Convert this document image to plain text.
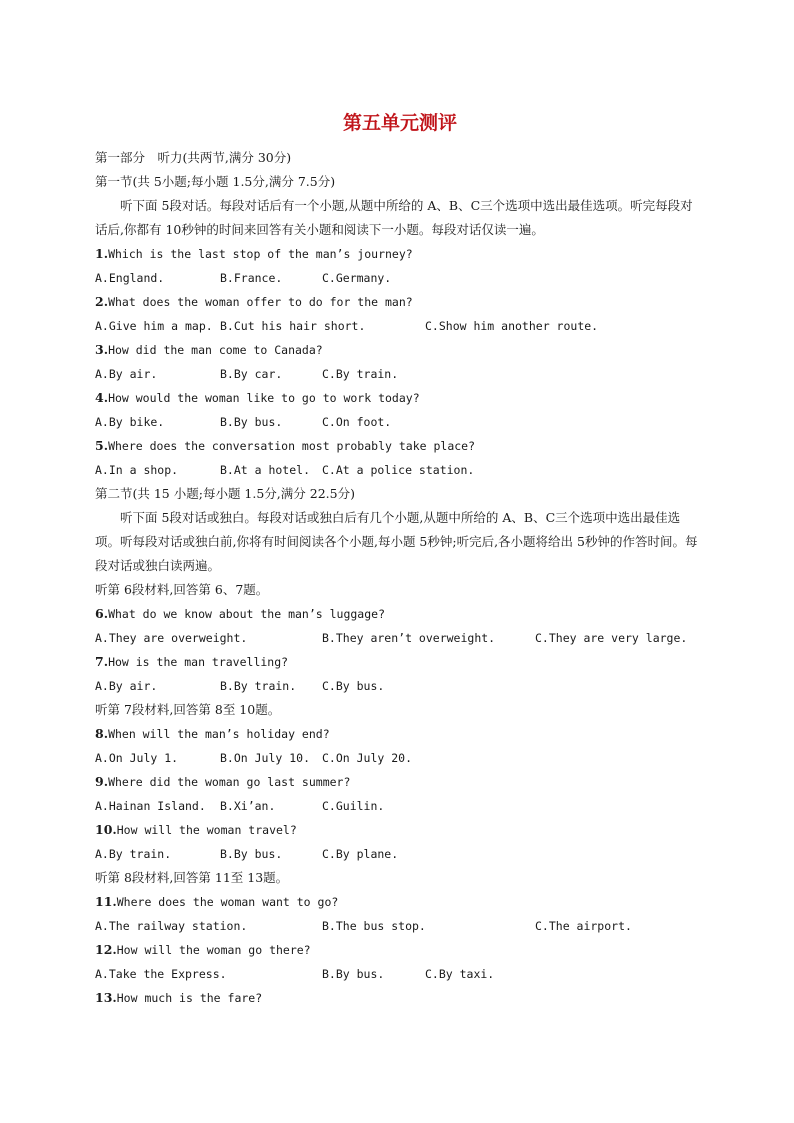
第五单元测评
第一部分　听力(共两节,满分 30分)
第一节(共 5小题;每小题 1.5分,满分 7.5分)
听下面 5段对话。每段对话后有一个小题,从题中所给的 A、B、C三个选项中选出最佳选项。听完每段对话后,你都有 10秒钟的时间来回答有关小题和阅读下一小题。每段对话仅读一遍。
1.Which is the last stop of the man’s journey?
A.England.	B.France.	C.Germany.
2.What does the woman offer to do for the man?
A.Give him a map. B.Cut his hair short.	C.Show him another route.
3.How did the man come to Canada?
A.By air.	B.By car.	C.By train.
4.How would the woman like to go to work today?
A.By bike.	B.By bus.	C.On foot.
5.Where does the conversation most probably take place?
A.In a shop.	B.At a hotel.	C.At a police station.
第二节(共 15 小题;每小题 1.5分,满分 22.5分)
听下面 5段对话或独白。每段对话或独白后有几个小题,从题中所给的 A、B、C三个选项中选出最佳选项。听每段对话或独白前,你将有时间阅读各个小题,每小题 5秒钟;听完后,各小题将给出 5秒钟的作答时间。每段对话或独白读两遍。
听第 6段材料,回答第 6、7题。
6.What do we know about the man’s luggage?
A.They are overweight.	B.They aren’t overweight.	C.They are very large.
7.How is the man travelling?
A.By air.	B.By train.	C.By bus.
听第 7段材料,回答第 8至 10题。
8.When will the man’s holiday end?
A.On July 1.	B.On July 10.	C.On July 20.
9.Where did the woman go last summer?
A.Hainan Island.	B.Xi’an.	C.Guilin.
10.How will the woman travel?
A.By train.	B.By bus.	C.By plane.
听第 8段材料,回答第 11至 13题。
11.Where does the woman want to go?
A.The railway station.	B.The bus stop.	C.The airport.
12.How will the woman go there?
A.Take the Express.	B.By bus.	C.By taxi.
13.How much is the fare?
